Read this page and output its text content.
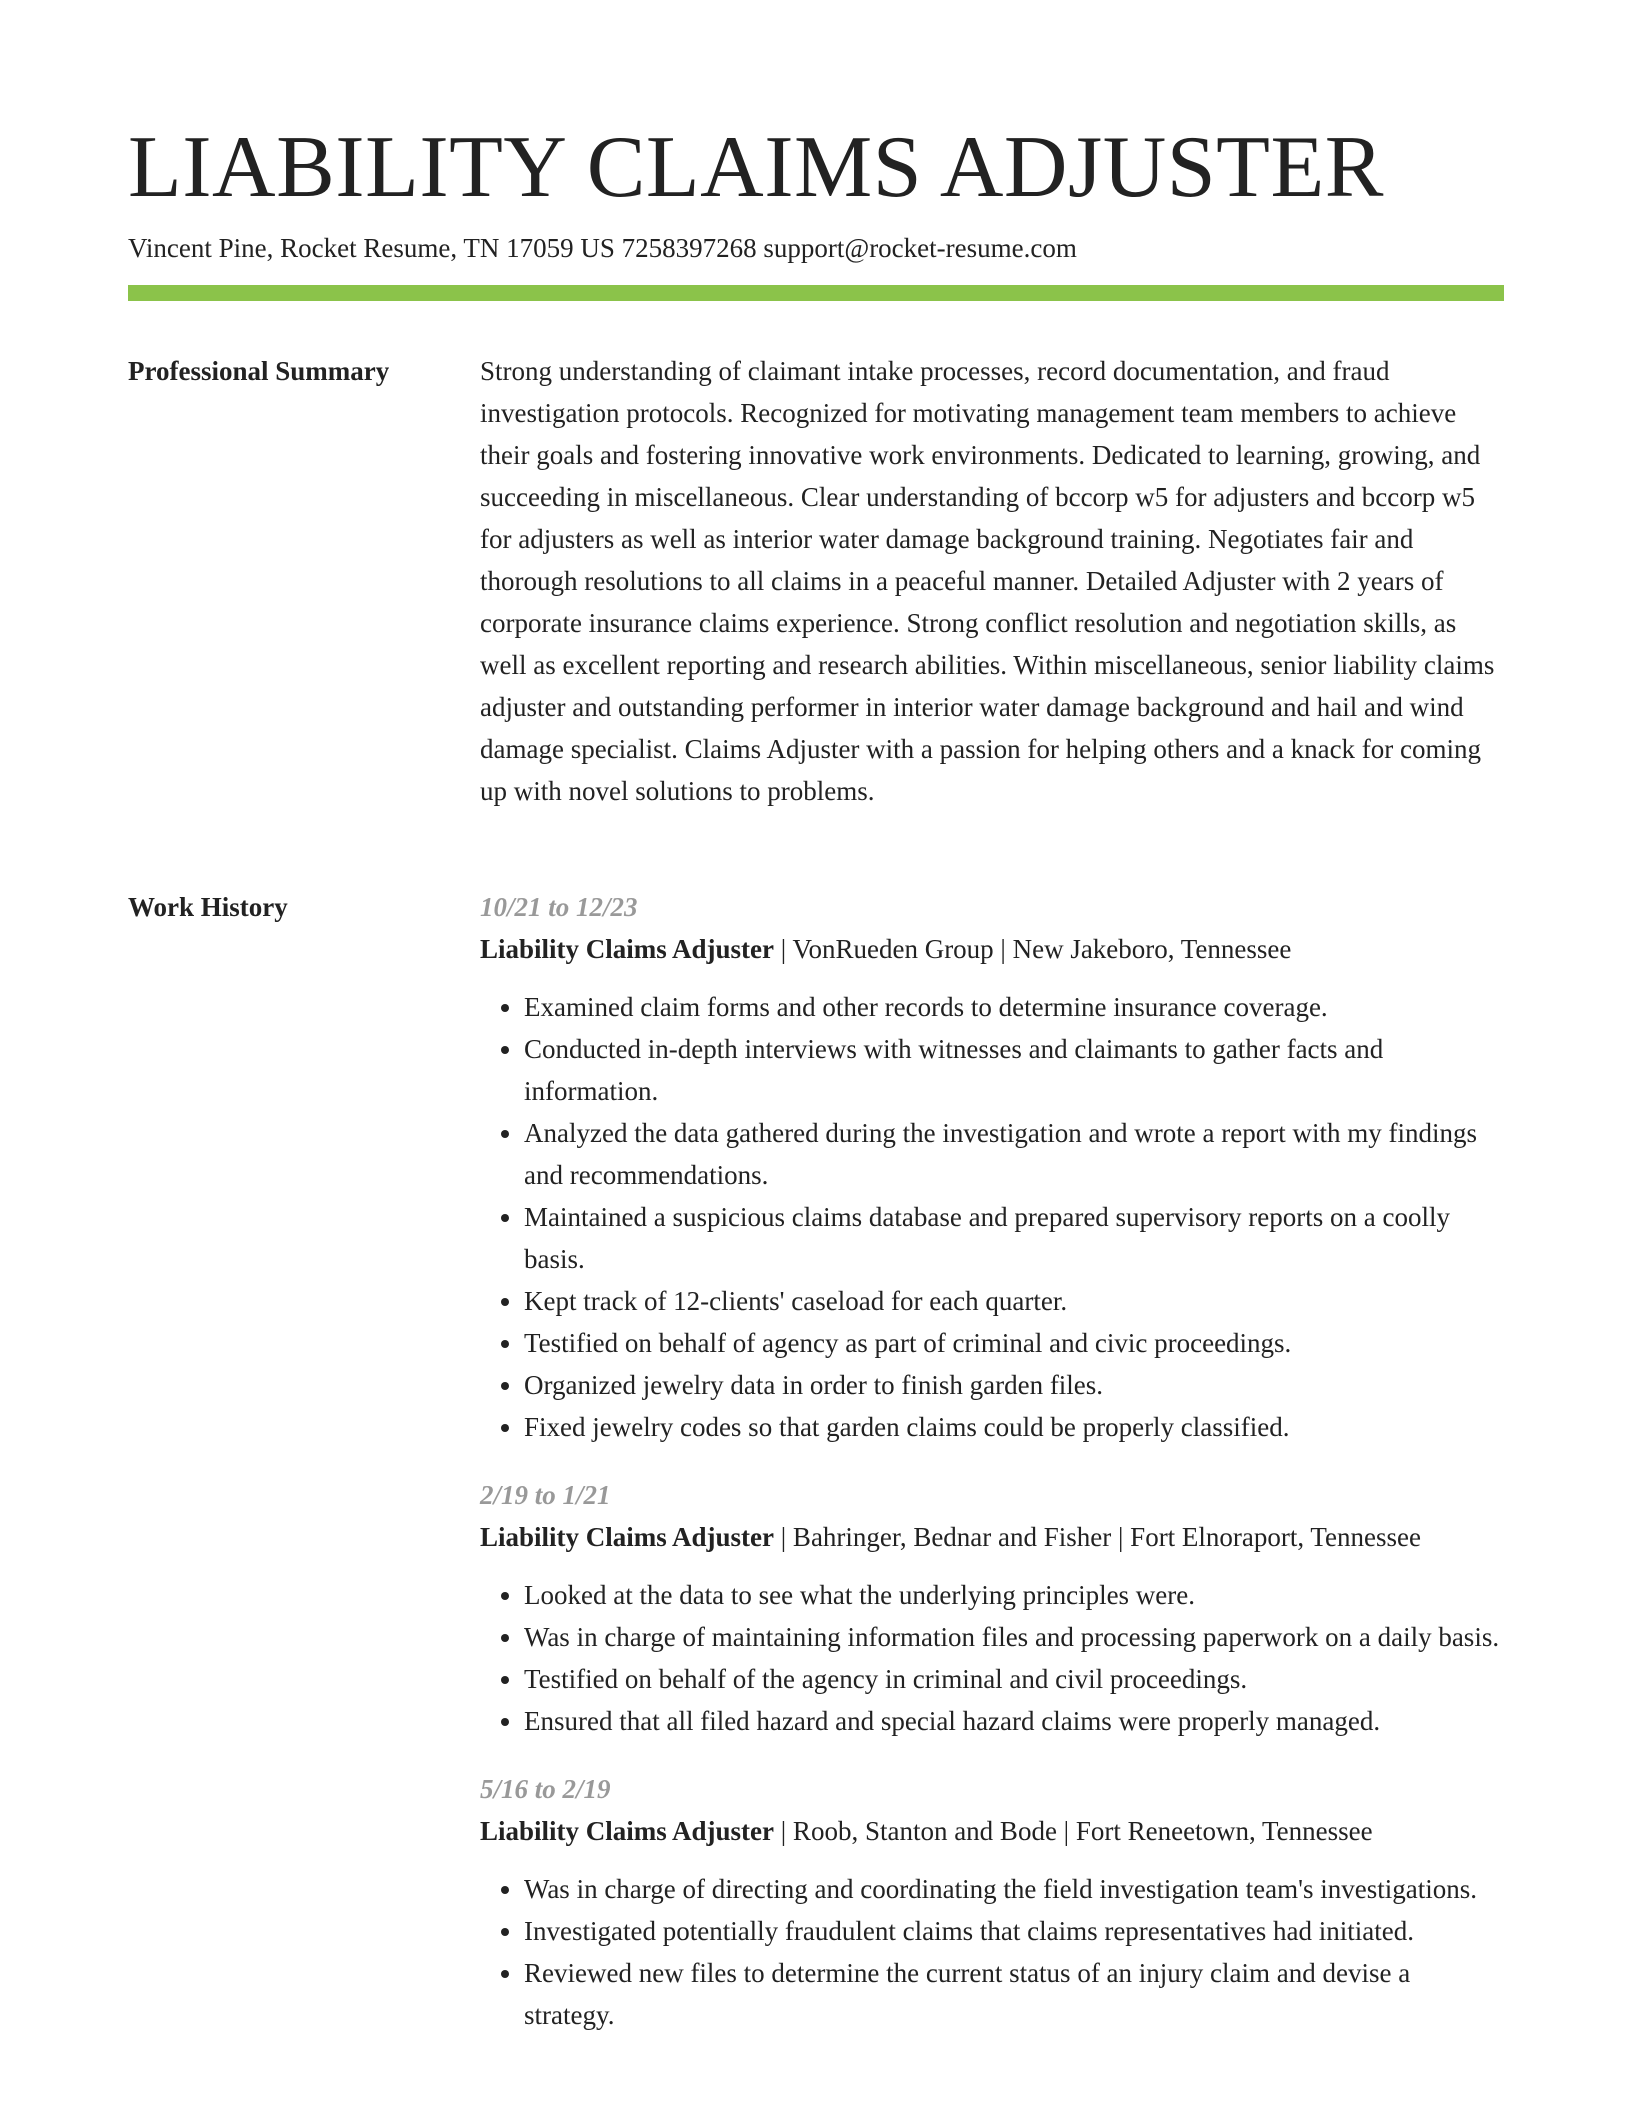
LIABILITY CLAIMS ADJUSTER
Vincent Pine, Rocket Resume, TN 17059 US 7258397268 support@rocket-resume.com
Professional Summary	Strong understanding of claimant intake processes, record documentation, and fraud investigation protocols. Recognized for motivating management team members to achieve their goals and fostering innovative work environments. Dedicated to learning, growing, and succeeding in miscellaneous. Clear understanding of bccorp w5 for adjusters and bccorp w5 for adjusters as well as interior water damage background training. Negotiates fair and thorough resolutions to all claims in a peaceful manner. Detailed Adjuster with 2 years of corporate insurance claims experience. Strong conflict resolution and negotiation skills, as well as excellent reporting and research abilities. Within miscellaneous, senior liability claims adjuster and outstanding performer in interior water damage background and hail and wind damage specialist. Claims Adjuster with a passion for helping others and a knack for coming up with novel solutions to problems.

Work History	10/21 to 12/23
Liability Claims Adjuster | VonRueden Group | New Jakeboro, Tennessee
• Examined claim forms and other records to determine insurance coverage.
• Conducted in-depth interviews with witnesses and claimants to gather facts and information.
• Analyzed the data gathered during the investigation and wrote a report with my findings and recommendations.
• Maintained a suspicious claims database and prepared supervisory reports on a coolly basis.
• Kept track of 12-clients' caseload for each quarter.
• Testified on behalf of agency as part of criminal and civic proceedings.
• Organized jewelry data in order to finish garden files.
• Fixed jewelry codes so that garden claims could be properly classified.
2/19 to 1/21
Liability Claims Adjuster | Bahringer, Bednar and Fisher | Fort Elnoraport, Tennessee
• Looked at the data to see what the underlying principles were.
• Was in charge of maintaining information files and processing paperwork on a daily basis.
• Testified on behalf of the agency in criminal and civil proceedings.
• Ensured that all filed hazard and special hazard claims were properly managed.
5/16 to 2/19
Liability Claims Adjuster | Roob, Stanton and Bode | Fort Reneetown, Tennessee
• Was in charge of directing and coordinating the field investigation team's investigations.
• Investigated potentially fraudulent claims that claims representatives had initiated.
• Reviewed new files to determine the current status of an injury claim and devise a strategy.
